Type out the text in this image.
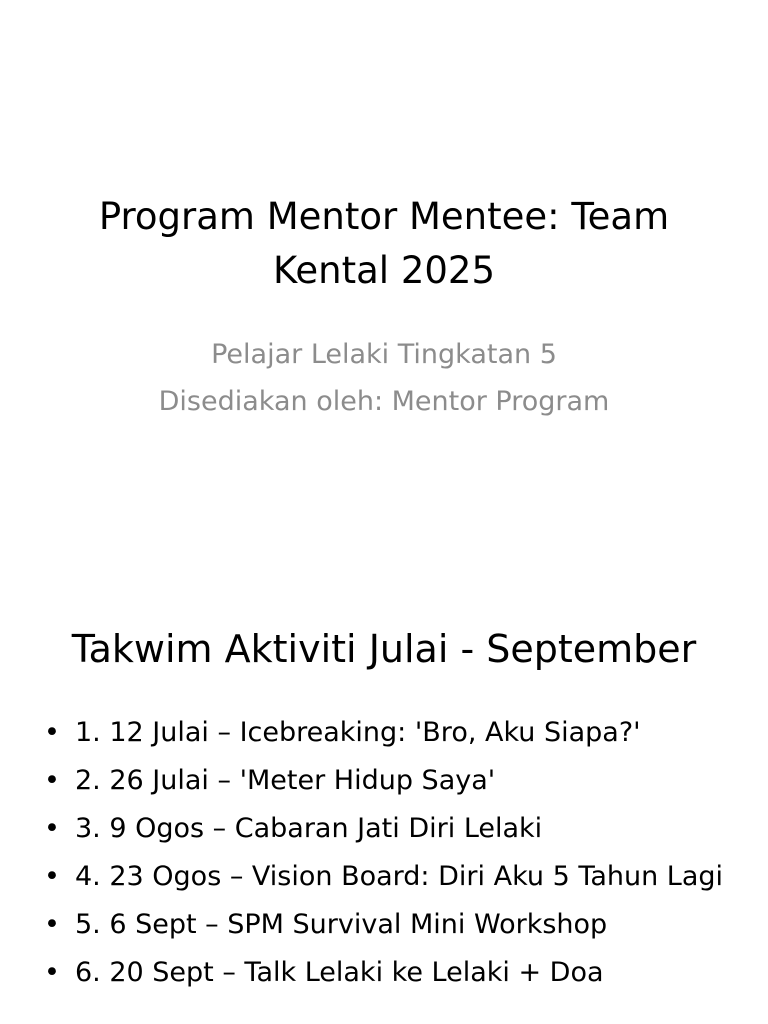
Program Mentor Mentee: Team Kental 2025
Pelajar Lelaki Tingkatan 5
Disediakan oleh: Mentor Program
Takwim Aktiviti Julai - September
• 1. 12 Julai – Icebreaking: 'Bro, Aku Siapa?'
• 2. 26 Julai – 'Meter Hidup Saya'
• 3. 9 Ogos – Cabaran Jati Diri Lelaki
• 4. 23 Ogos – Vision Board: Diri Aku 5 Tahun Lagi
• 5. 6 Sept – SPM Survival Mini Workshop
• 6. 20 Sept – Talk Lelaki ke Lelaki + Doa
